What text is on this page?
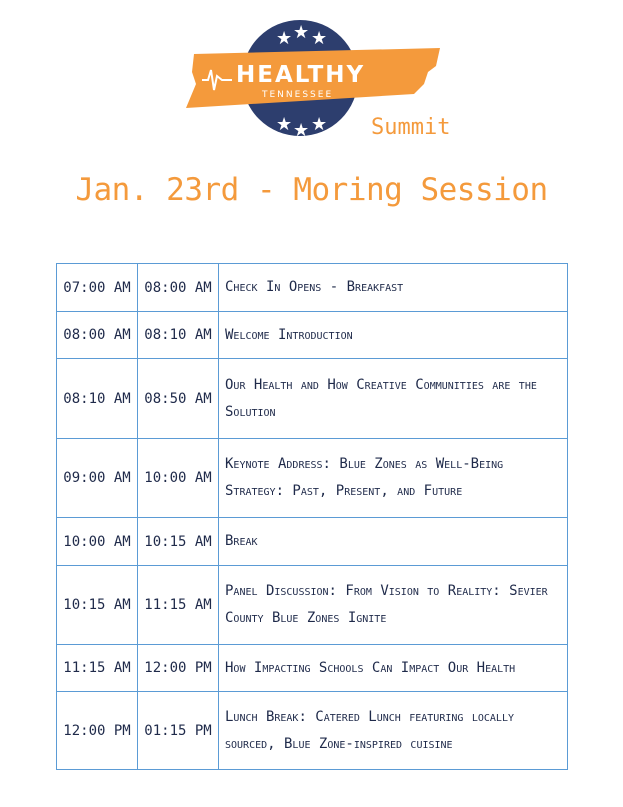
★ ★ ★
★ ★ ★
HEALTHY
TENNESSEE
Summit
Jan. 23rd - Moring Session
07:00 AM	08:00 AM	Check In Opens - Breakfast
08:00 AM	08:10 AM	Welcome Introduction
08:10 AM	08:50 AM	Our Health and How Creative Communities are the Solution
09:00 AM	10:00 AM	Keynote Address: Blue Zones as Well-Being Strategy: Past, Present, and Future
10:00 AM	10:15 AM	Break
10:15 AM	11:15 AM	Panel Discussion: From Vision to Reality: Sevier County Blue Zones Ignite
11:15 AM	12:00 PM	How Impacting Schools Can Impact Our Health
12:00 PM	01:15 PM	Lunch Break: Catered Lunch featuring locally sourced, Blue Zone-inspired cuisine
